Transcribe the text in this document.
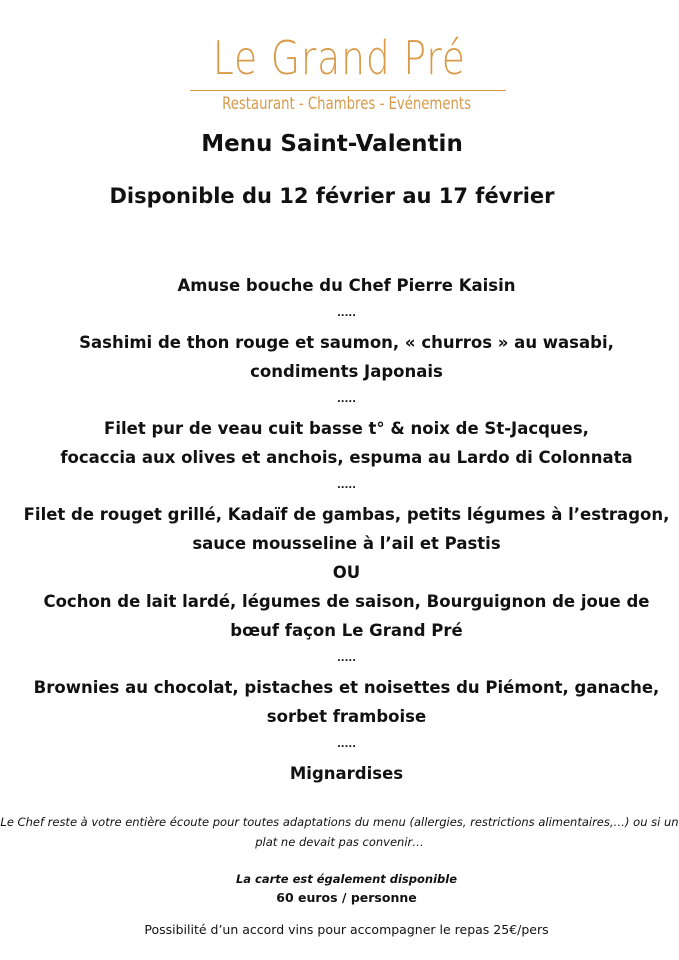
Le Grand Pré
Restaurant - Chambres - Evénements
Menu Saint-Valentin
Disponible du 12 février au 17 février
Amuse bouche du Chef Pierre Kaisin
.....
Sashimi de thon rouge et saumon, « churros » au wasabi,
condiments Japonais
.....
Filet pur de veau cuit basse t° & noix de St-Jacques,
focaccia aux olives et anchois, espuma au Lardo di Colonnata
.....
Filet de rouget grillé, Kadaïf de gambas, petits légumes à l’estragon,
sauce mousseline à l’ail et Pastis
OU
Cochon de lait lardé, légumes de saison, Bourguignon de joue de
bœuf façon Le Grand Pré
.....
Brownies au chocolat, pistaches et noisettes du Piémont, ganache,
sorbet framboise
.....
Mignardises
Le Chef reste à votre entière écoute pour toutes adaptations du menu (allergies, restrictions alimentaires,…) ou si un
plat ne devait pas convenir…
La carte est également disponible
60 euros / personne
Possibilité d’un accord vins pour accompagner le repas 25€/pers
